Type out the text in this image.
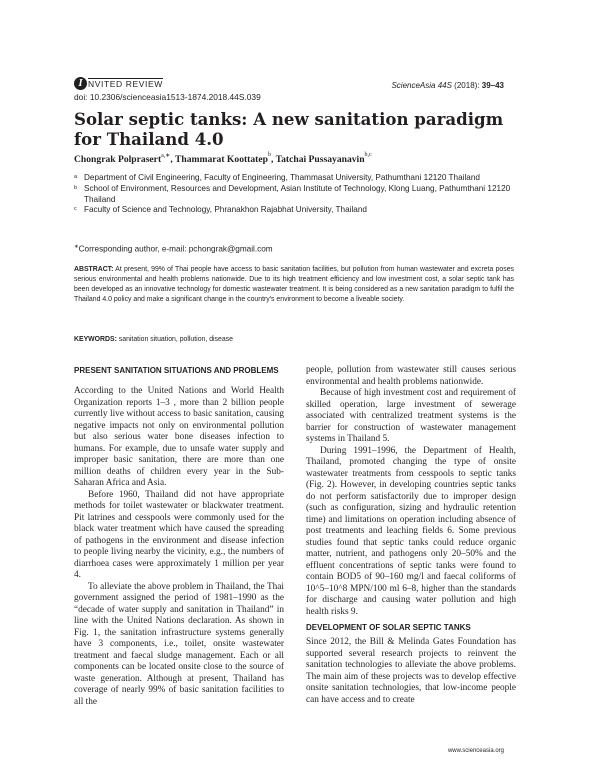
I NVITED REVIEW
doi: 10.2306/scienceasia1513-1874.2018.44S.039
ScienceAsia 44S (2018): 39–43
Solar septic tanks: A new sanitation paradigm for Thailand 4.0
Chongrak Polprasert$^{a,∗}$, Thammarat Koottatep$^b$, Tatchai Pussayanavin$^{b,c}$
a Department of Civil Engineering, Faculty of Engineering, Thammasat University, Pathumthani 12120 Thailand
b School of Environment, Resources and Development, Asian Institute of Technology, Klong Luang, Pathumthani 12120 Thailand
c Faculty of Science and Technology, Phranakhon Rajabhat University, Thailand
∗Corresponding author, e-mail: pchongrak@gmail.com
ABSTRACT: At present, 99% of Thai people have access to basic sanitation facilities, but pollution from human wastewater and excreta poses serious environmental and health problems nationwide. Due to its high treatment efficiency and low investment cost, a solar septic tank has been developed as an innovative technology for domestic wastewater treatment. It is being considered as a new sanitation paradigm to fulfil the Thailand 4.0 policy and make a significant change in the country's environment to become a liveable society.
KEYWORDS: sanitation situation, pollution, disease
PRESENT SANITATION SITUATIONS AND PROBLEMS

According to the United Nations and World Health Organization reports 1–3 , more than 2 billion people currently live without access to basic sanitation, causing negative impacts not only on environmental pollution but also serious water bone diseases infection to humans. For example, due to unsafe water supply and improper basic sanitation, there are more than one million deaths of children every year in the Sub-Saharan Africa and Asia.

Before 1960, Thailand did not have appropriate methods for toilet wastewater or blackwater treatment. Pit latrines and cesspools were commonly used for the black water treatment which have caused the spreading of pathogens in the environment and disease infection to people living nearby the vicinity, e.g., the numbers of diarrhoea cases were approximately 1 million per year 4.

To alleviate the above problem in Thailand, the Thai government assigned the period of 1981–1990 as the “decade of water supply and sanitation in Thailand” in line with the United Nations declaration. As shown in Fig. 1, the sanitation infrastructure systems generally have 3 components, i.e., toilet, onsite wastewater treatment and faecal sludge management. Each or all components can be located onsite close to the source of waste generation. Although at present, Thailand has coverage of nearly 99% of basic sanitation facilities to all the

people, pollution from wastewater still causes serious environmental and health problems nationwide.

Because of high investment cost and requirement of skilled operation, large investment of sewerage associated with centralized treatment systems is the barrier for construction of wastewater management systems in Thailand 5.

During 1991–1996, the Department of Health, Thailand, promoted changing the type of onsite wastewater treatments from cesspools to septic tanks (Fig. 2). However, in developing countries septic tanks do not perform satisfactorily due to improper design (such as configuration, sizing and hydraulic retention time) and limitations on operation including absence of post treatments and leaching fields 6. Some previous studies found that septic tanks could reduce organic matter, nutrient, and pathogens only 20–50% and the effluent concentrations of septic tanks were found to contain BOD5 of 90–160 mg/l and faecal coliforms of 10^5–10^8 MPN/100 ml 6–8, higher than the standards for discharge and causing water pollution and high health risks 9.

DEVELOPMENT OF SOLAR SEPTIC TANKS

Since 2012, the Bill & Melinda Gates Foundation has supported several research projects to reinvent the sanitation technologies to alleviate the above problems. The main aim of these projects was to develop effective onsite sanitation technologies, that low-income people can have access and to create

www.scienceasia.org
